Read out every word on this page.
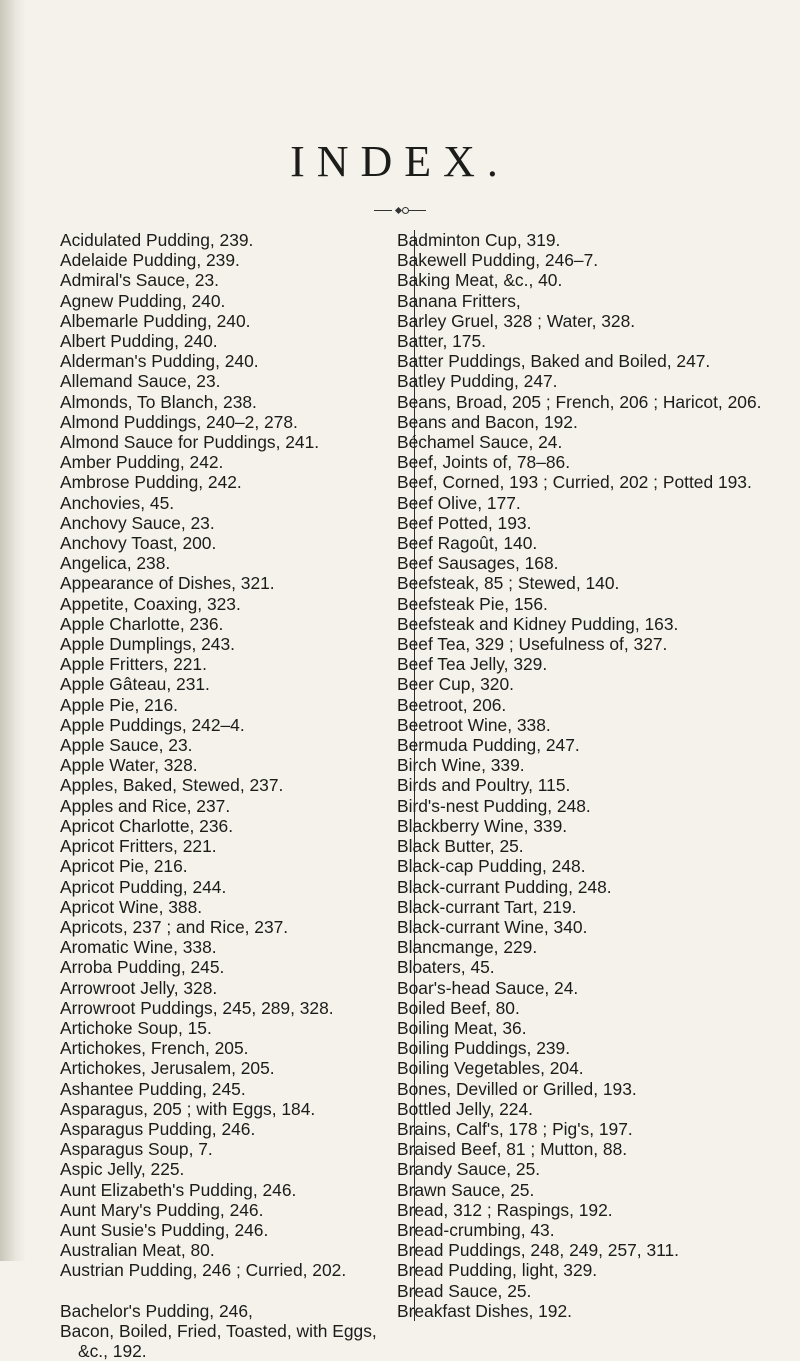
INDEX.
Acidulated Pudding, 239.
Adelaide Pudding, 239.
Admiral's Sauce, 23.
Agnew Pudding, 240.
Albemarle Pudding, 240.
Albert Pudding, 240.
Alderman's Pudding, 240.
Allemand Sauce, 23.
Almonds, To Blanch, 238.
Almond Puddings, 240–2, 278.
Almond Sauce for Puddings, 241.
Amber Pudding, 242.
Ambrose Pudding, 242.
Anchovies, 45.
Anchovy Sauce, 23.
Anchovy Toast, 200.
Angelica, 238.
Appearance of Dishes, 321.
Appetite, Coaxing, 323.
Apple Charlotte, 236.
Apple Dumplings, 243.
Apple Fritters, 221.
Apple Gâteau, 231.
Apple Pie, 216.
Apple Puddings, 242–4.
Apple Sauce, 23.
Apple Water, 328.
Apples, Baked, Stewed, 237.
Apples and Rice, 237.
Apricot Charlotte, 236.
Apricot Fritters, 221.
Apricot Pie, 216.
Apricot Pudding, 244.
Apricot Wine, 388.
Apricots, 237 ; and Rice, 237.
Aromatic Wine, 338.
Arroba Pudding, 245.
Arrowroot Jelly, 328.
Arrowroot Puddings, 245, 289, 328.
Artichoke Soup, 15.
Artichokes, French, 205.
Artichokes, Jerusalem, 205.
Ashantee Pudding, 245.
Asparagus, 205 ; with Eggs, 184.
Asparagus Pudding, 246.
Asparagus Soup, 7.
Aspic Jelly, 225.
Aunt Elizabeth's Pudding, 246.
Aunt Mary's Pudding, 246.
Aunt Susie's Pudding, 246.
Australian Meat, 80.
Austrian Pudding, 246 ; Curried, 202.
Bachelor's Pudding, 246,
Bacon, Boiled, Fried, Toasted, with Eggs, &c., 192.
Badminton Cup, 319.
Bakewell Pudding, 246–7.
Baking Meat, &c., 40.
Banana Fritters,
Barley Gruel, 328 ; Water, 328.
Batter, 175.
Batter Puddings, Baked and Boiled, 247.
Batley Pudding, 247.
Beans, Broad, 205 ; French, 206 ; Haricot, 206.
Beans and Bacon, 192.
Béchamel Sauce, 24.
Beef, Joints of, 78–86.
Beef, Corned, 193 ; Curried, 202 ; Potted 193.
Beef Olive, 177.
Beef Potted, 193.
Beef Ragoût, 140.
Beef Sausages, 168.
Beefsteak, 85 ; Stewed, 140.
Beefsteak Pie, 156.
Beefsteak and Kidney Pudding, 163.
Beef Tea, 329 ; Usefulness of, 327.
Beef Tea Jelly, 329.
Beer Cup, 320.
Beetroot, 206.
Beetroot Wine, 338.
Bermuda Pudding, 247.
Birch Wine, 339.
Birds and Poultry, 115.
Bird's-nest Pudding, 248.
Blackberry Wine, 339.
Black Butter, 25.
Black-cap Pudding, 248.
Black-currant Pudding, 248.
Black-currant Tart, 219.
Black-currant Wine, 340.
Blancmange, 229.
Bloaters, 45.
Boar's-head Sauce, 24.
Boiled Beef, 80.
Boiling Meat, 36.
Boiling Puddings, 239.
Boiling Vegetables, 204.
Bones, Devilled or Grilled, 193.
Bottled Jelly, 224.
Brains, Calf's, 178 ; Pig's, 197.
Braised Beef, 81 ; Mutton, 88.
Brandy Sauce, 25.
Brawn Sauce, 25.
Bread, 312 ; Raspings, 192.
Bread-crumbing, 43.
Bread Puddings, 248, 249, 257, 311.
Bread Pudding, light, 329.
Bread Sauce, 25.
Breakfast Dishes, 192.
